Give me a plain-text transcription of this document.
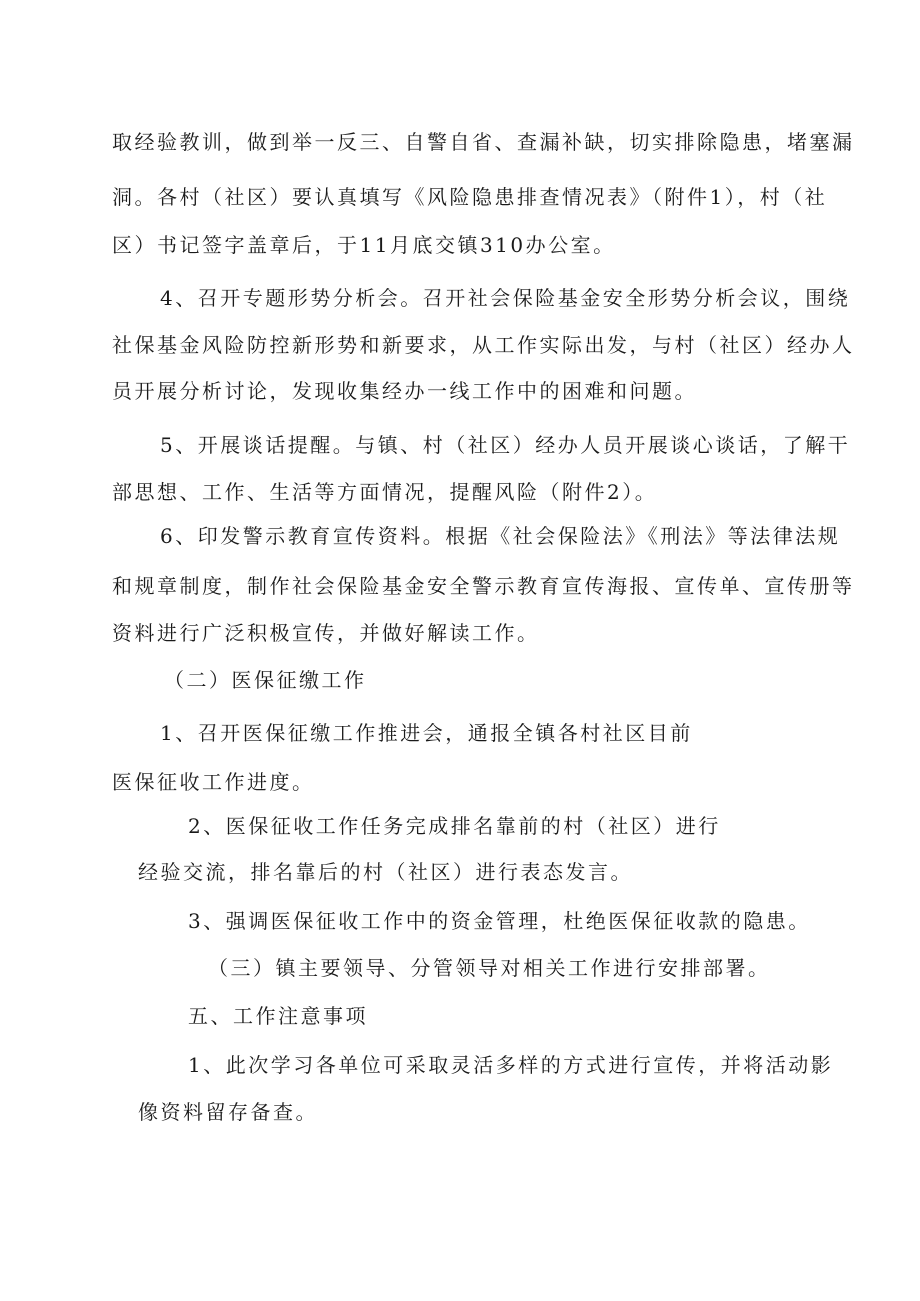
取经验教训，做到举一反三、自警自省、查漏补缺，切实排除隐患，堵塞漏
洞。各村（社区）要认真填写《风险隐患排查情况表》（附件1），村（社
区）书记签字盖章后，于11月底交镇310办公室。
4、召开专题形势分析会。召开社会保险基金安全形势分析会议，围绕
社保基金风险防控新形势和新要求，从工作实际出发，与村（社区）经办人
员开展分析讨论，发现收集经办一线工作中的困难和问题。
5、开展谈话提醒。与镇、村（社区）经办人员开展谈心谈话，了解干
部思想、工作、生活等方面情况，提醒风险（附件2）。
6、印发警示教育宣传资料。根据《社会保险法》《刑法》等法律法规
和规章制度，制作社会保险基金安全警示教育宣传海报、宣传单、宣传册等
资料进行广泛积极宣传，并做好解读工作。
（二）医保征缴工作
1、召开医保征缴工作推进会，通报全镇各村社区目前
医保征收工作进度。
2、医保征收工作任务完成排名靠前的村（社区）进行
经验交流，排名靠后的村（社区）进行表态发言。
3、强调医保征收工作中的资金管理，杜绝医保征收款的隐患。
（三）镇主要领导、分管领导对相关工作进行安排部署。
五、工作注意事项
1、此次学习各单位可采取灵活多样的方式进行宣传，并将活动影
像资料留存备查。
